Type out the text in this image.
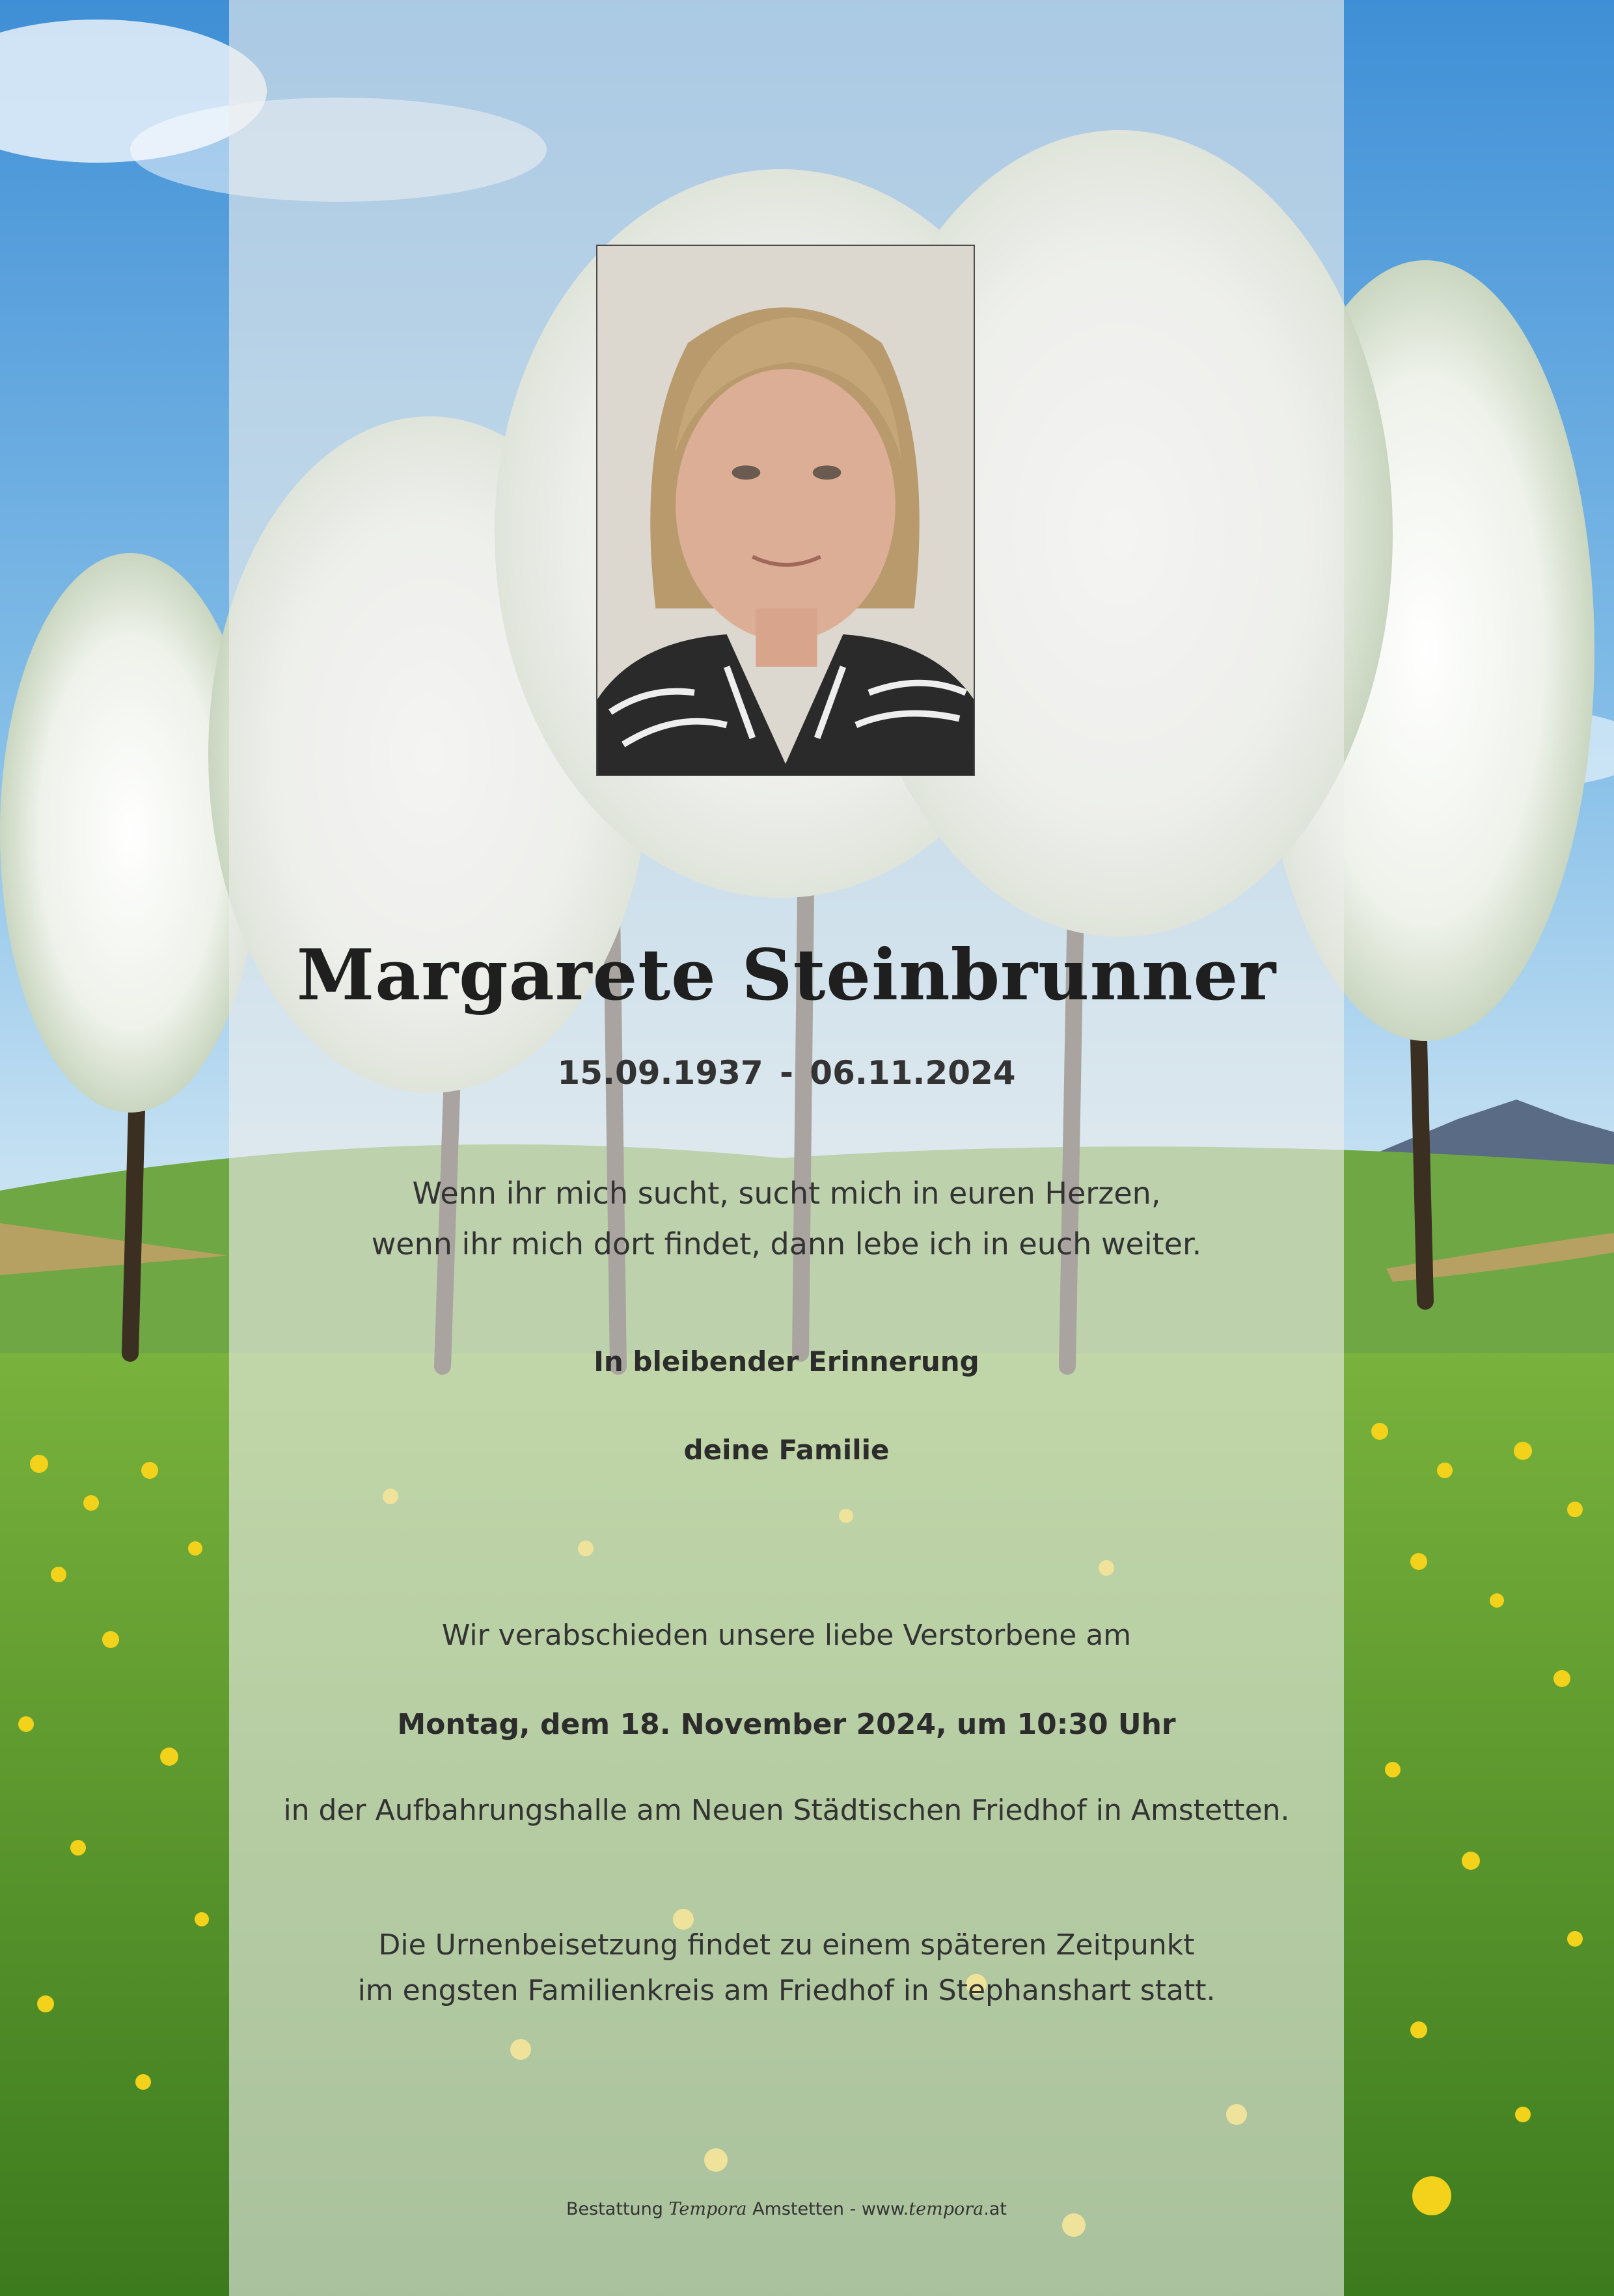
Margarete Steinbrunner
15.09.1937 - 06.11.2024
Wenn ihr mich sucht, sucht mich in euren Herzen,
wenn ihr mich dort findet, dann lebe ich in euch weiter.
In bleibender Erinnerung
deine Familie
Wir verabschieden unsere liebe Verstorbene am
Montag, dem 18. November 2024, um 10:30 Uhr
in der Aufbahrungshalle am Neuen Städtischen Friedhof in Amstetten.
Die Urnenbeisetzung findet zu einem späteren Zeitpunkt
im engsten Familienkreis am Friedhof in Stephanshart statt.
Bestattung Tempora Amstetten - www.tempora.at
